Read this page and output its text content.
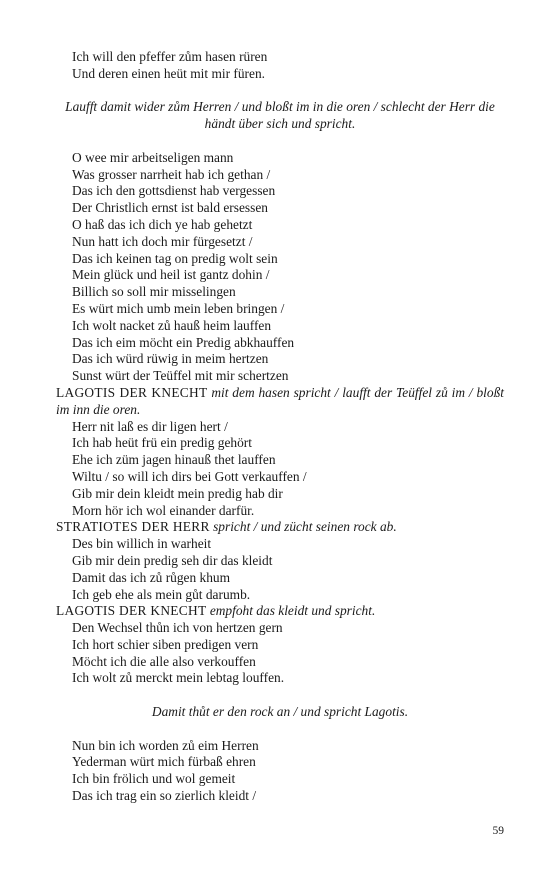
Ich will den pfeffer zům hasen rüren
Und deren einen heüt mit mir füren.
Laufft damit wider zům Herren / und bloßt im in die oren / schlecht der Herr die händt über sich und spricht.
O wee mir arbeitseligen mann
Was grosser narrheit hab ich gethan /
Das ich den gottsdienst hab vergessen
Der Christlich ernst ist bald ersessen
O haß das ich dich ye hab gehetzt
Nun hatt ich doch mir fürgesetzt /
Das ich keinen tag on predig wolt sein
Mein glück und heil ist gantz dohin /
Billich so soll mir misselingen
Es würt mich umb mein leben bringen /
Ich wolt nacket zů hauß heim lauffen
Das ich eim möcht ein Predig abkhauffen
Das ich würd rüwig in meim hertzen
Sunst würt der Teüffel mit mir schertzen
LAGOTIS DER KNECHT mit dem hasen spricht / laufft der Teüffel zů im / bloßt im inn die oren.
Herr nit laß es dir ligen hert /
Ich hab heüt frü ein predig gehört
Ehe ich züm jagen hinauß thet lauffen
Wiltu / so will ich dirs bei Gott verkauffen /
Gib mir dein kleidt mein predig hab dir
Morn hör ich wol einander darfür.
STRATIOTES DER HERR spricht / und zücht seinen rock ab.
Des bin willich in warheit
Gib mir dein predig seh dir das kleidt
Damit das ich zů růgen khum
Ich geb ehe als mein gůt darumb.
LAGOTIS DER KNECHT empfoht das kleidt und spricht.
Den Wechsel thůn ich von hertzen gern
Ich hort schier siben predigen vern
Möcht ich die alle also verkouffen
Ich wolt zů merckt mein lebtag louffen.
Damit thůt er den rock an / und spricht Lagotis.
Nun bin ich worden zů eim Herren
Yederman würt mich fürbaß ehren
Ich bin frölich und wol gemeit
Das ich trag ein so zierlich kleidt /
59
